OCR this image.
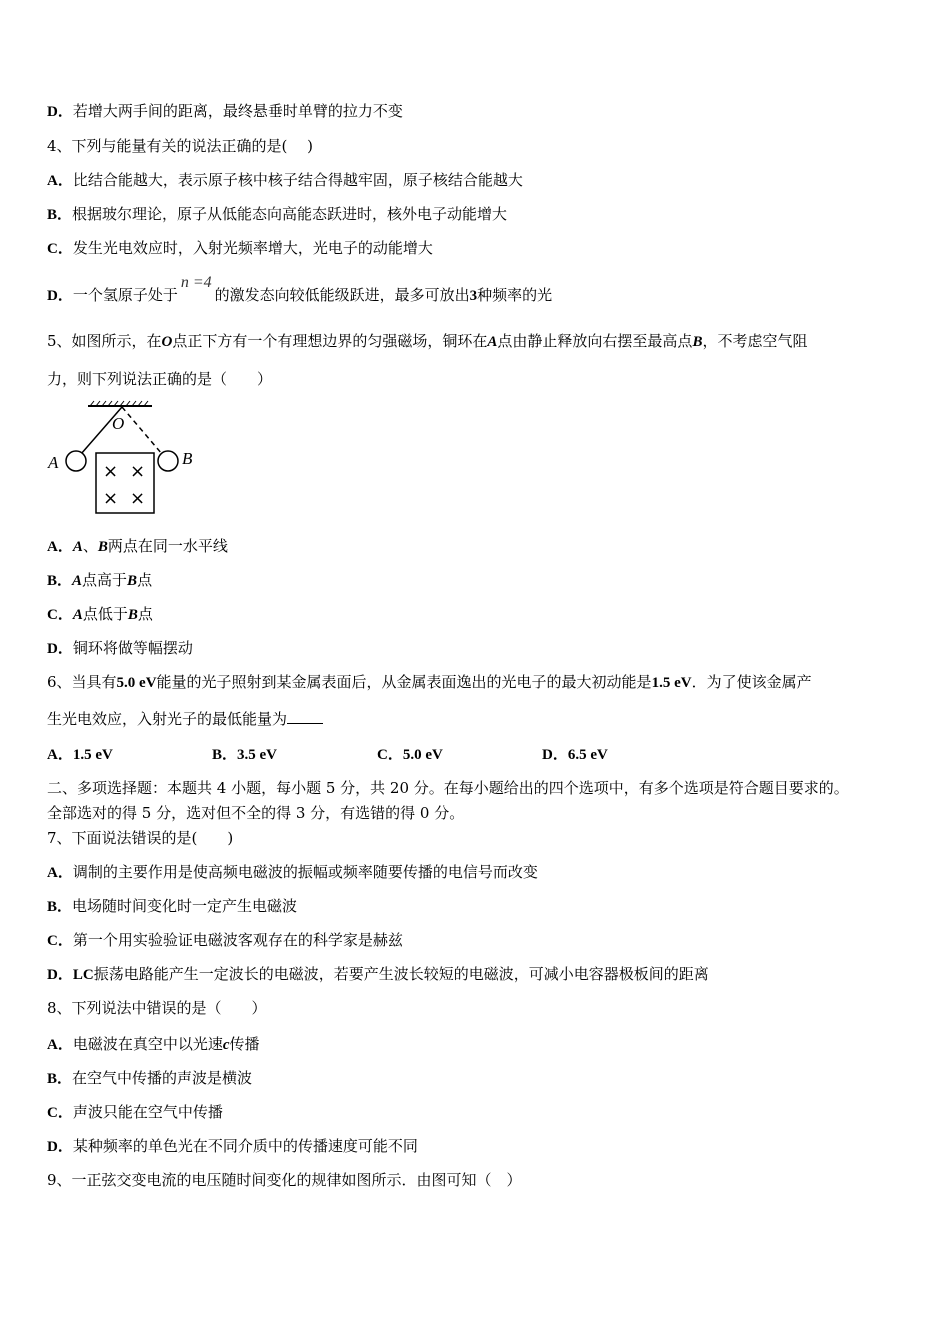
D．若增大两手间的距离，最终悬垂时单臂的拉力不变
4、下列与能量有关的说法正确的是(　 )
A．比结合能越大，表示原子核中核子结合得越牢固，原子核结合能越大
B．根据玻尔理论，原子从低能态向高能态跃进时，核外电子动能增大
C．发生光电效应时，入射光频率增大，光电子的动能增大
D．一个氢原子处于n =4的激发态向较低能级跃进，最多可放出3种频率的光
5、如图所示，在O点正下方有一个有理想边界的匀强磁场，铜环在A点由静止释放向右摆至最高点B，不考虑空气阻
力，则下列说法正确的是（　　）
O
A	B
× ×
× ×
A．A、B两点在同一水平线
B．A点高于B点
C．A点低于B点
D．铜环将做等幅摆动
6、当具有5.0 eV能量的光子照射到某金属表面后，从金属表面逸出的光电子的最大初动能是1.5 eV．为了使该金属产
生光电效应，入射光子的最低能量为
A．1.5 eV	B．3.5 eV	C．5.0 eV	D．6.5 eV
二、多项选择题：本题共 4 小题，每小题 5 分，共 20 分。在每小题给出的四个选项中，有多个选项是符合题目要求的。
全部选对的得 5 分，选对但不全的得 3 分，有选错的得 0 分。
7、下面说法错误的是(　　)
A．调制的主要作用是使高频电磁波的振幅或频率随要传播的电信号而改变
B．电场随时间变化时一定产生电磁波
C．第一个用实验验证电磁波客观存在的科学家是赫兹
D．LC振荡电路能产生一定波长的电磁波，若要产生波长较短的电磁波，可减小电容器极板间的距离
8、下列说法中错误的是（　　）
A．电磁波在真空中以光速c传播
B．在空气中传播的声波是横波
C．声波只能在空气中传播
D．某种频率的单色光在不同介质中的传播速度可能不同
9、一正弦交变电流的电压随时间变化的规律如图所示．由图可知（　）
